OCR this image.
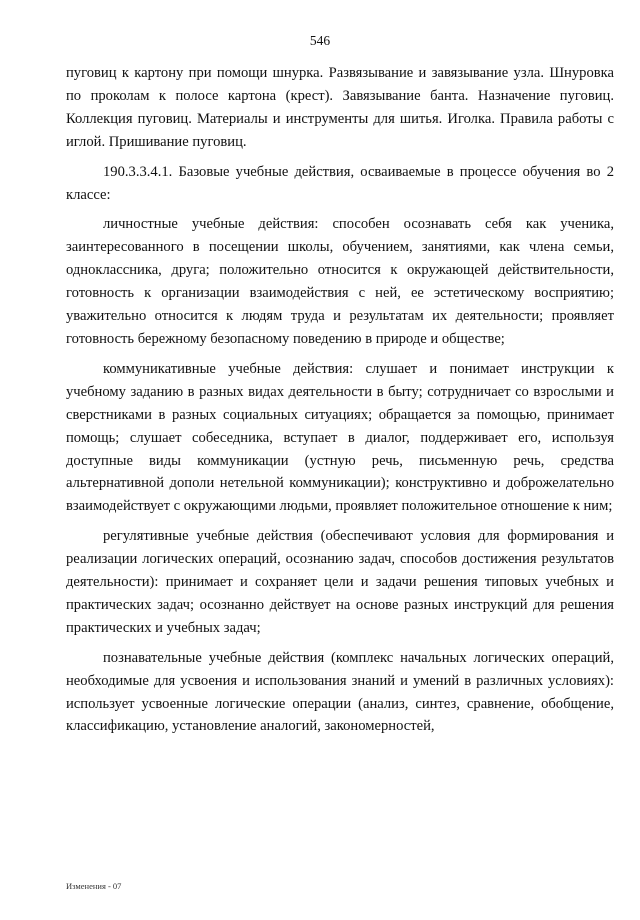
546

пуговиц к картону при помощи шнурка. Развязывание и завязывание узла. Шнуровка по проколам к полосе картона (крест). Завязывание банта. Назначение пуговиц. Коллекция пуговиц. Материалы и инструменты для шитья. Иголка. Правила работы с иглой. Пришивание пуговиц.

190.3.3.4.1. Базовые учебные действия, осваиваемые в процессе обучения во 2 классе:

личностные учебные действия: способен осознавать себя как ученика, заинтересованного в посещении школы, обучением, занятиями, как члена семьи, одноклассника, друга; положительно относится к окружающей действительности, готовность к организации взаимодействия с ней, ее эстетическому восприятию; уважительно относится к людям труда и результатам их деятельности; проявляет готовность бережному безопасному поведению в природе и обществе;

коммуникативные учебные действия: слушает и понимает инструкции к учебному заданию в разных видах деятельности в быту; сотрудничает со взрослыми и сверстниками в разных социальных ситуациях; обращается за помощью, принимает помощь; слушает собеседника, вступает в диалог, поддерживает его, используя доступные виды коммуникации (устную речь, письменную речь, средства альтернативной дополи нетельной коммуникации); конструктивно и доброжелательно взаимодействует с окружающими людьми, проявляет положительное отношение к ним;

регулятивные учебные действия (обеспечивают условия для формирования и реализации логических операций, осознанию задач, способов достижения результатов деятельности): принимает и сохраняет цели и задачи решения типовых учебных и практических задач; осознанно действует на основе разных инструкций для решения практических и учебных задач;

познавательные учебные действия (комплекс начальных логических операций, необходимые для усвоения и использования знаний и умений в различных условиях): использует усвоенные логические операции (анализ, синтез, сравнение, обобщение, классификацию, установление аналогий, закономерностей,

Изменения - 07
